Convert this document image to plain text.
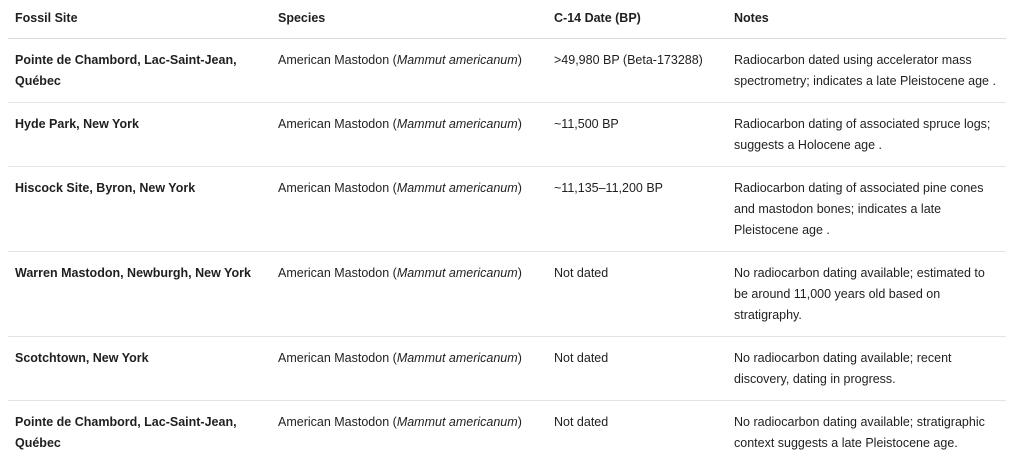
Fossil Site	Species	C-14 Date (BP)	Notes
Pointe de Chambord, Lac-Saint-Jean, Québec	American Mastodon (Mammut americanum)	>49,980 BP (Beta-173288)	Radiocarbon dated using accelerator mass spectrometry; indicates a late Pleistocene age .
Hyde Park, New York	American Mastodon (Mammut americanum)	~11,500 BP	Radiocarbon dating of associated spruce logs; suggests a Holocene age .
Hiscock Site, Byron, New York	American Mastodon (Mammut americanum)	~11,135–11,200 BP	Radiocarbon dating of associated pine cones and mastodon bones; indicates a late Pleistocene age .
Warren Mastodon, Newburgh, New York	American Mastodon (Mammut americanum)	Not dated	No radiocarbon dating available; estimated to be around 11,000 years old based on stratigraphy.
Scotchtown, New York	American Mastodon (Mammut americanum)	Not dated	No radiocarbon dating available; recent discovery, dating in progress.
Pointe de Chambord, Lac-Saint-Jean, Québec	American Mastodon (Mammut americanum)	Not dated	No radiocarbon dating available; stratigraphic context suggests a late Pleistocene age.
